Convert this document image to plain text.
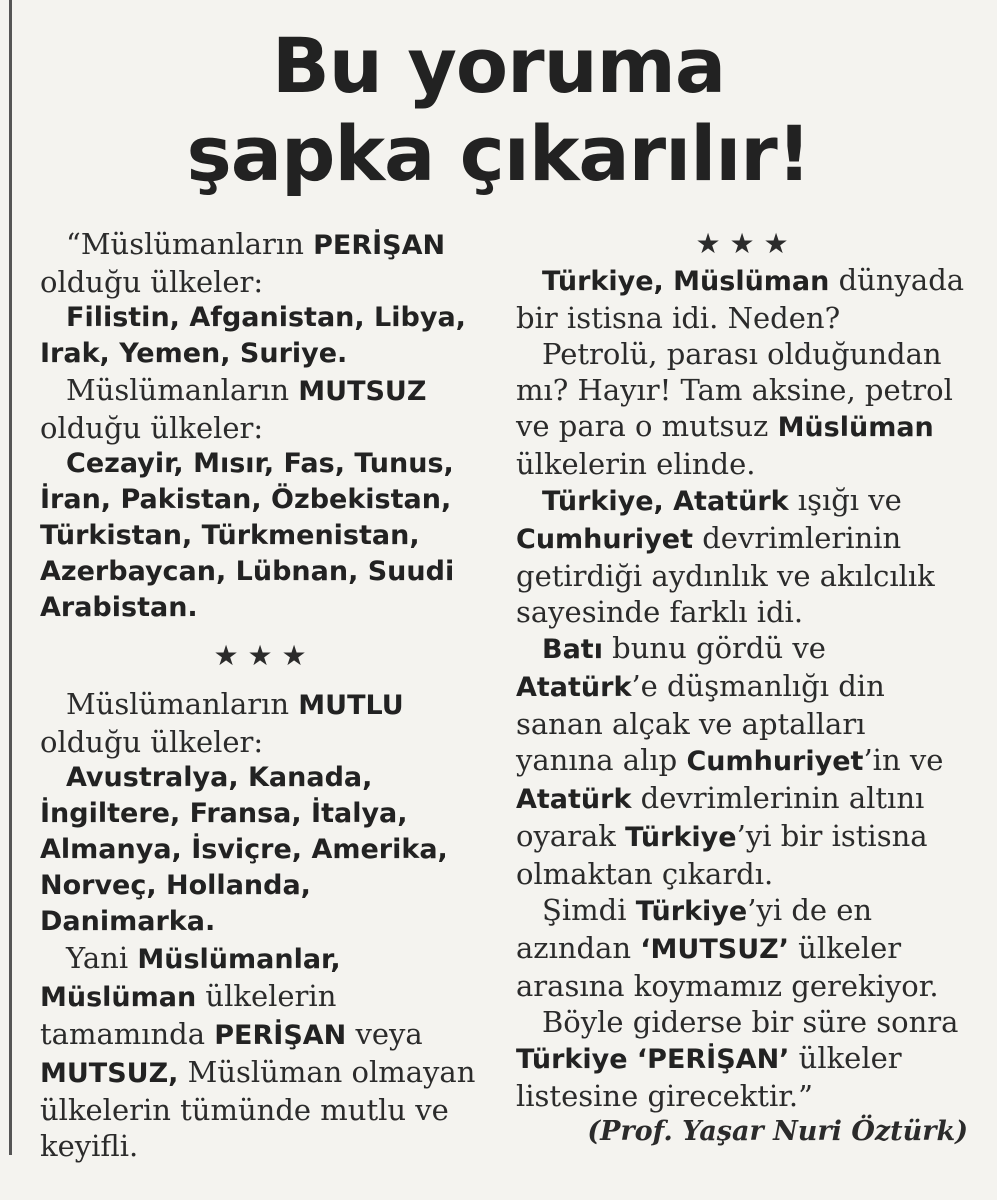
Bu yoruma
şapka çıkarılır!

“Müslümanların PERİŞAN olduğu ülkeler:

Filistin, Afganistan, Libya, Irak, Yemen, Suriye.

Müslümanların MUTSUZ olduğu ülkeler:

Cezayir, Mısır, Fas, Tunus, İran, Pakistan, Özbekistan, Türkistan, Türkmenistan, Azerbaycan, Lübnan, Suudi Arabistan.

★ ★ ★

Müslümanların MUTLU olduğu ülkeler:

Avustralya, Kanada, İngiltere, Fransa, İtalya, Almanya, İsviçre, Amerika, Norveç, Hollanda, Danimarka.

Yani Müslümanlar, Müslüman ülkelerin tamamında PERİŞAN veya MUTSUZ, Müslüman olmayan ülkelerin tümünde mutlu ve keyifli.

★ ★ ★

Türkiye, Müslüman dünyada bir istisna idi. Neden?

Petrolü, parası olduğundan mı? Hayır! Tam aksine, petrol ve para o mutsuz Müslüman ülkelerin elinde.

Türkiye, Atatürk ışığı ve Cumhuriyet devrimlerinin getirdiği aydınlık ve akılcılık sayesinde farklı idi.

Batı bunu gördü ve Atatürk’e düşmanlığı din sanan alçak ve aptalları yanına alıp Cumhuriyet’in ve Atatürk devrimlerinin altını oyarak Türkiye’yi bir istisna olmaktan çıkardı.

Şimdi Türkiye’yi de en azından ‘MUTSUZ’ ülkeler arasına koymamız gerekiyor.

Böyle giderse bir süre sonra Türkiye ‘PERİŞAN’ ülkeler listesine girecektir.”

(Prof. Yaşar Nuri Öztürk)
